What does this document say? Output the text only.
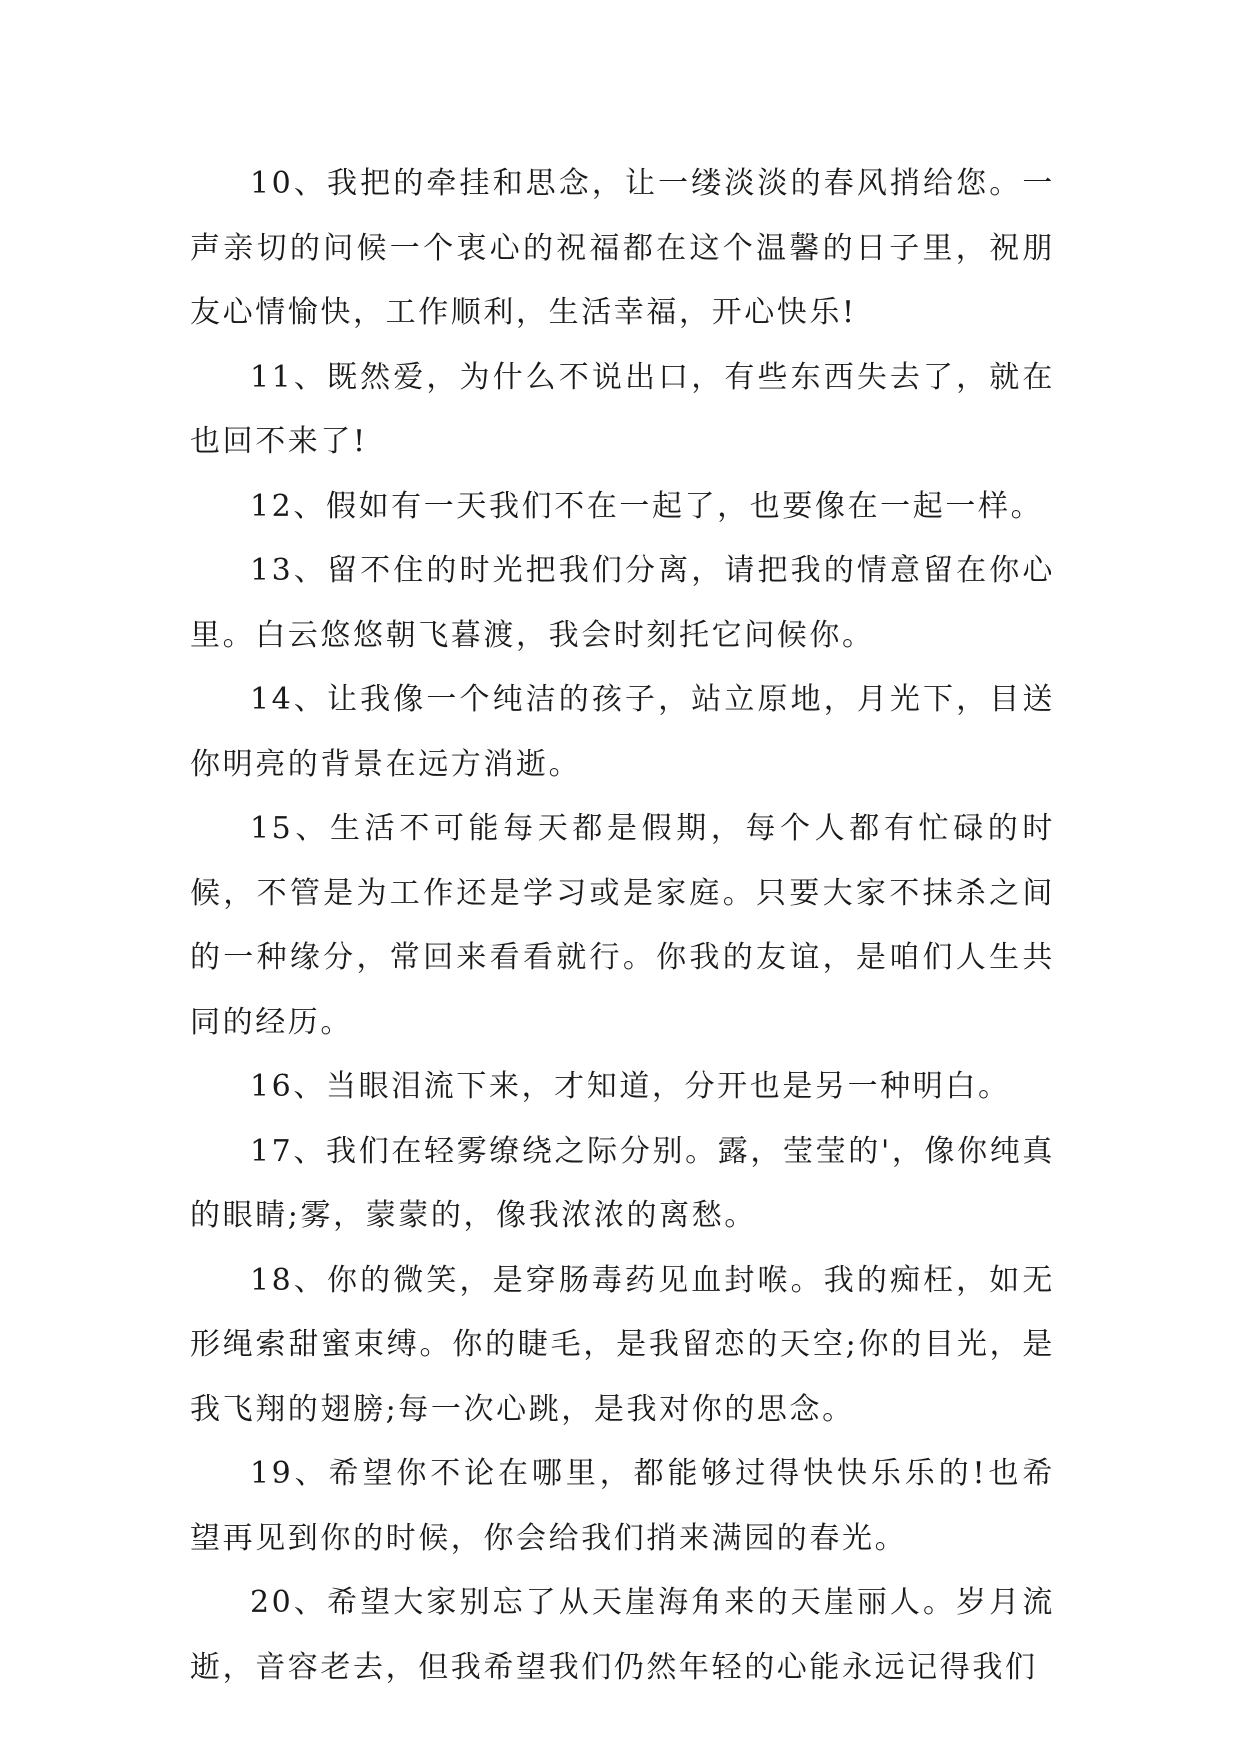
10、我把的牵挂和思念，让一缕淡淡的春风捎给您。一声亲切的问候一个衷心的祝福都在这个温馨的日子里，祝朋友心情愉快，工作顺利，生活幸福，开心快乐!

11、既然爱，为什么不说出口，有些东西失去了，就在也回不来了!

12、假如有一天我们不在一起了，也要像在一起一样。

13、留不住的时光把我们分离，请把我的情意留在你心里。白云悠悠朝飞暮渡，我会时刻托它问候你。

14、让我像一个纯洁的孩子，站立原地，月光下，目送你明亮的背景在远方消逝。

15、生活不可能每天都是假期，每个人都有忙碌的时候，不管是为工作还是学习或是家庭。只要大家不抹杀之间的一种缘分，常回来看看就行。你我的友谊，是咱们人生共同的经历。

16、当眼泪流下来，才知道，分开也是另一种明白。

17、我们在轻雾缭绕之际分别。露，莹莹的'，像你纯真的眼睛;雾，蒙蒙的，像我浓浓的离愁。

18、你的微笑，是穿肠毒药见血封喉。我的痴枉，如无形绳索甜蜜束缚。你的睫毛，是我留恋的天空;你的目光，是我飞翔的翅膀;每一次心跳，是我对你的思念。

19、希望你不论在哪里，都能够过得快快乐乐的!也希望再见到你的时候，你会给我们捎来满园的春光。

20、希望大家别忘了从天崖海角来的天崖丽人。岁月流逝，音容老去，但我希望我们仍然年轻的心能永远记得我们
